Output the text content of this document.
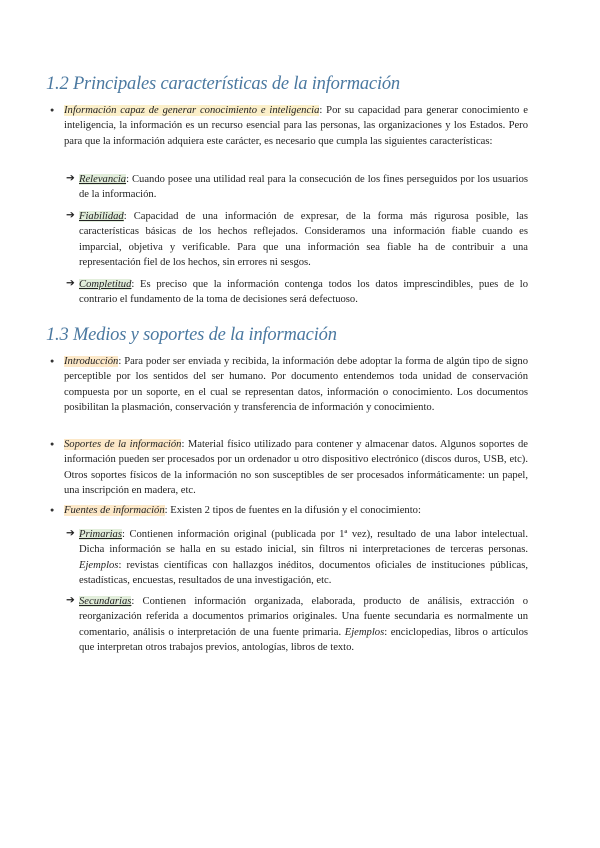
1.2 Principales características de la información

● Información capaz de generar conocimiento e inteligencia: Por su capacidad para generar conocimiento e inteligencia, la información es un recurso esencial para las personas, las organizaciones y los Estados. Pero para que la información adquiera este carácter, es necesario que cumpla las siguientes características:

➔ Relevancia: Cuando posee una utilidad real para la consecución de los fines perseguidos por los usuarios de la información.

➔ Fiabilidad: Capacidad de una información de expresar, de la forma más rigurosa posible, las características básicas de los hechos reflejados. Consideramos una información fiable cuando es imparcial, objetiva y verificable. Para que una información sea fiable ha de contribuir a una representación fiel de los hechos, sin errores ni sesgos.

➔ Completitud: Es preciso que la información contenga todos los datos imprescindibles, pues de lo contrario el fundamento de la toma de decisiones será defectuoso.

1.3 Medios y soportes de la información

● Introducción: Para poder ser enviada y recibida, la información debe adoptar la forma de algún tipo de signo perceptible por los sentidos del ser humano. Por documento entendemos toda unidad de conservación compuesta por un soporte, en el cual se representan datos, información o conocimiento. Los documentos posibilitan la plasmación, conservación y transferencia de información y conocimiento.

● Soportes de la información: Material físico utilizado para contener y almacenar datos. Algunos soportes de información pueden ser procesados por un ordenador u otro dispositivo electrónico (discos duros, USB, etc). Otros soportes físicos de la información no son susceptibles de ser procesados informáticamente: un papel, una inscripción en madera, etc.

● Fuentes de información: Existen 2 tipos de fuentes en la difusión y el conocimiento:

➔ Primarias: Contienen información original (publicada por 1ª vez), resultado de una labor intelectual. Dicha información se halla en su estado inicial, sin filtros ni interpretaciones de terceras personas. Ejemplos: revistas científicas con hallazgos inéditos, documentos oficiales de instituciones públicas, estadísticas, encuestas, resultados de una investigación, etc.

➔ Secundarias: Contienen información organizada, elaborada, producto de análisis, extracción o reorganización referida a documentos primarios originales. Una fuente secundaria es normalmente un comentario, análisis o interpretación de una fuente primaria. Ejemplos: enciclopedias, libros o artículos que interpretan otros trabajos previos, antologías, libros de texto.
